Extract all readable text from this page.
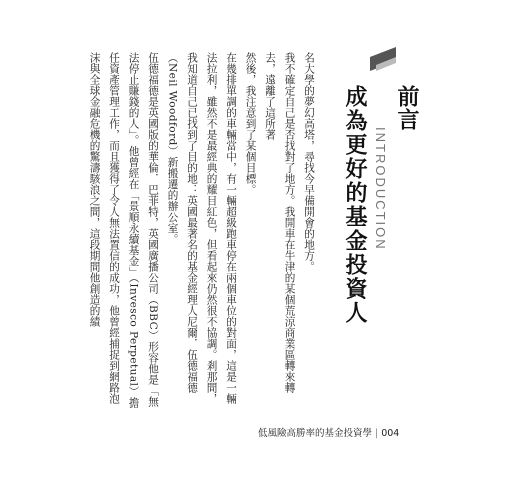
前言
INTRODUCTION
成為更好的基金投資人

名大學的夢幻高塔，尋找今早備開會的地方。

我不確定自己是否找對了地方。我開車在牛津的某個荒涼商業區轉來轉去，遠離了這所著

然後，我注意到了某個目標。

在幾排單調的車輛當中，有一輛超級跑車停在兩個車位的對面，這是一輛法拉利，雖然不是最經典的耀目紅色，但看起來仍然很不協調。剎那間，我知道自己已找到了目的地：英國最著名的基金經理人尼爾．伍德福德（Neil Woodford）新搬遷的辦公室。

伍德福德是英國版的華倫．巴菲特，英國廣播公司（BBC）形容他是「無法停止賺錢的人」。他曾經在「景順永續基金」（Invesco Perpetual）擔任資產管理工作，而且獲得了令人無法置信的成功，他曾經捕捉到網路泡沫與全球金融危機的驚濤駭浪之間，這段期間他創造的績

低風險高勝率的基金投資學 | 004
